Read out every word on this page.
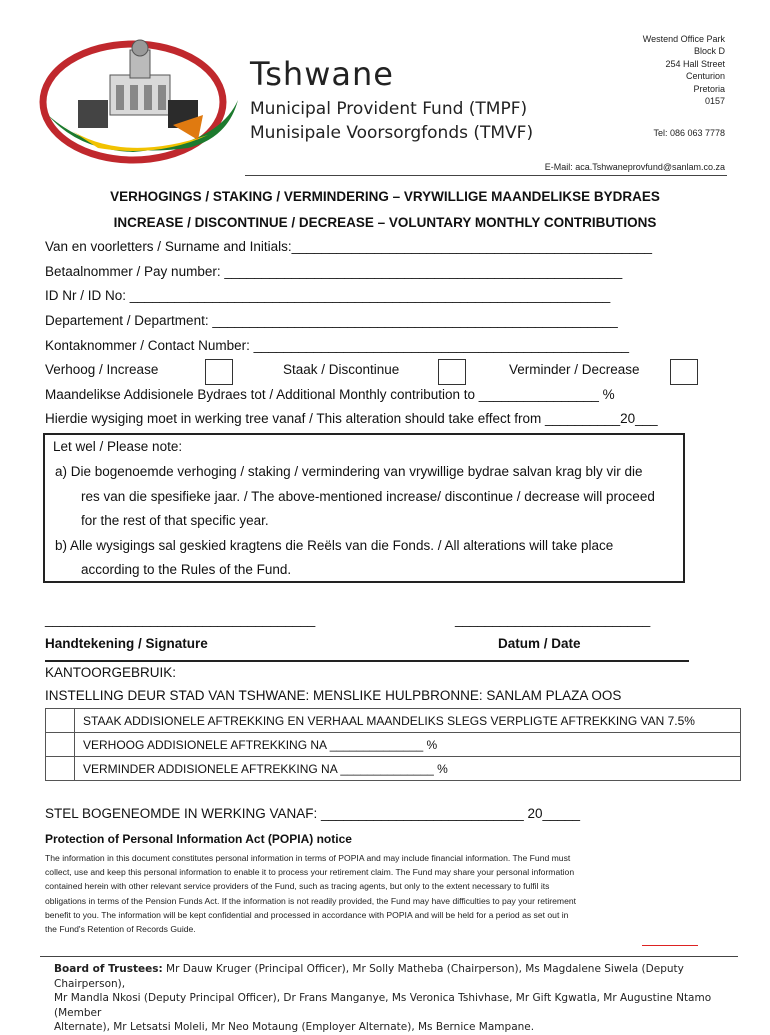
Tshwane
Municipal Provident Fund (TMPF)
Munisipale Voorsorgfonds (TMVF)
Westend Office Park
Block D
254 Hall Street
Centurion
Pretoria
0157
Tel: 086 063 7778
E-Mail: aca.Tshwaneprovfund@sanlam.co.za
VERHOGINGS / STAKING / VERMINDERING – VRYWILLIGE MAANDELIKSE BYDRAES
INCREASE / DISCONTINUE / DECREASE – VOLUNTARY MONTHLY CONTRIBUTIONS
Van en voorletters / Surname and Initials:________________________________________________
Betaalnommer / Pay number: _____________________________________________________
ID Nr / ID No: ________________________________________________________________
Departement / Department: ______________________________________________________
Kontaknommer / Contact Number: __________________________________________________
Verhoog / Increase	Staak / Discontinue	Verminder / Decrease
Maandelikse Addisionele Bydraes tot / Additional Monthly contribution to ________________ %
Hierdie wysiging moet in werking tree vanaf / This alteration should take effect from __________20___
Let wel / Please note:
a) Die bogenoemde verhoging / staking / vermindering van vrywillige bydrae salvan krag bly vir die
res van die spesifieke jaar. / The above-mentioned increase/ discontinue / decrease will proceed
for the rest of that specific year.
b) Alle wysigings sal geskied kragtens die Reëls van die Fonds. / All alterations will take place
according to the Rules of the Fund.
____________________________________	__________________________
Handtekening / Signature	Datum / Date
KANTOORGEBRUIK:
INSTELLING DEUR STAD VAN TSHWANE: MENSLIKE HULPBRONNE: SANLAM PLAZA OOS
	STAAK ADDISIONELE AFTREKKING EN VERHAAL MAANDELIKS SLEGS VERPLIGTE AFTREKKING VAN 7.5%
	VERHOOG ADDISIONELE AFTREKKING NA ______________ %
	VERMINDER ADDISIONELE AFTREKKING NA ______________ %
STEL BOGENEOMDE IN WERKING VANAF: ___________________________ 20_____
Protection of Personal Information Act (POPIA) notice
The information in this document constitutes personal information in terms of POPIA and may include financial information. The Fund must
collect, use and keep this personal information to enable it to process your retirement claim. The Fund may share your personal information
contained herein with other relevant service providers of the Fund, such as tracing agents, but only to the extent necessary to fulfil its
obligations in terms of the Pension Funds Act. If the information is not readily provided, the Fund may have difficulties to pay your retirement
benefit to you. The information will be kept confidential and processed in accordance with POPIA and will be held for a period as set out in
the Fund's Retention of Records Guide.
Board of Trustees: Mr Dauw Kruger (Principal Officer), Mr Solly Matheba (Chairperson), Ms Magdalene Siwela (Deputy Chairperson),
Mr Mandla Nkosi (Deputy Principal Officer), Dr Frans Manganye, Ms Veronica Tshivhase, Mr Gift Kgwatla, Mr Augustine Ntamo (Member
Alternate), Mr Letsatsi Moleli, Mr Neo Motaung (Employer Alternate), Ms Bernice Mampane.
